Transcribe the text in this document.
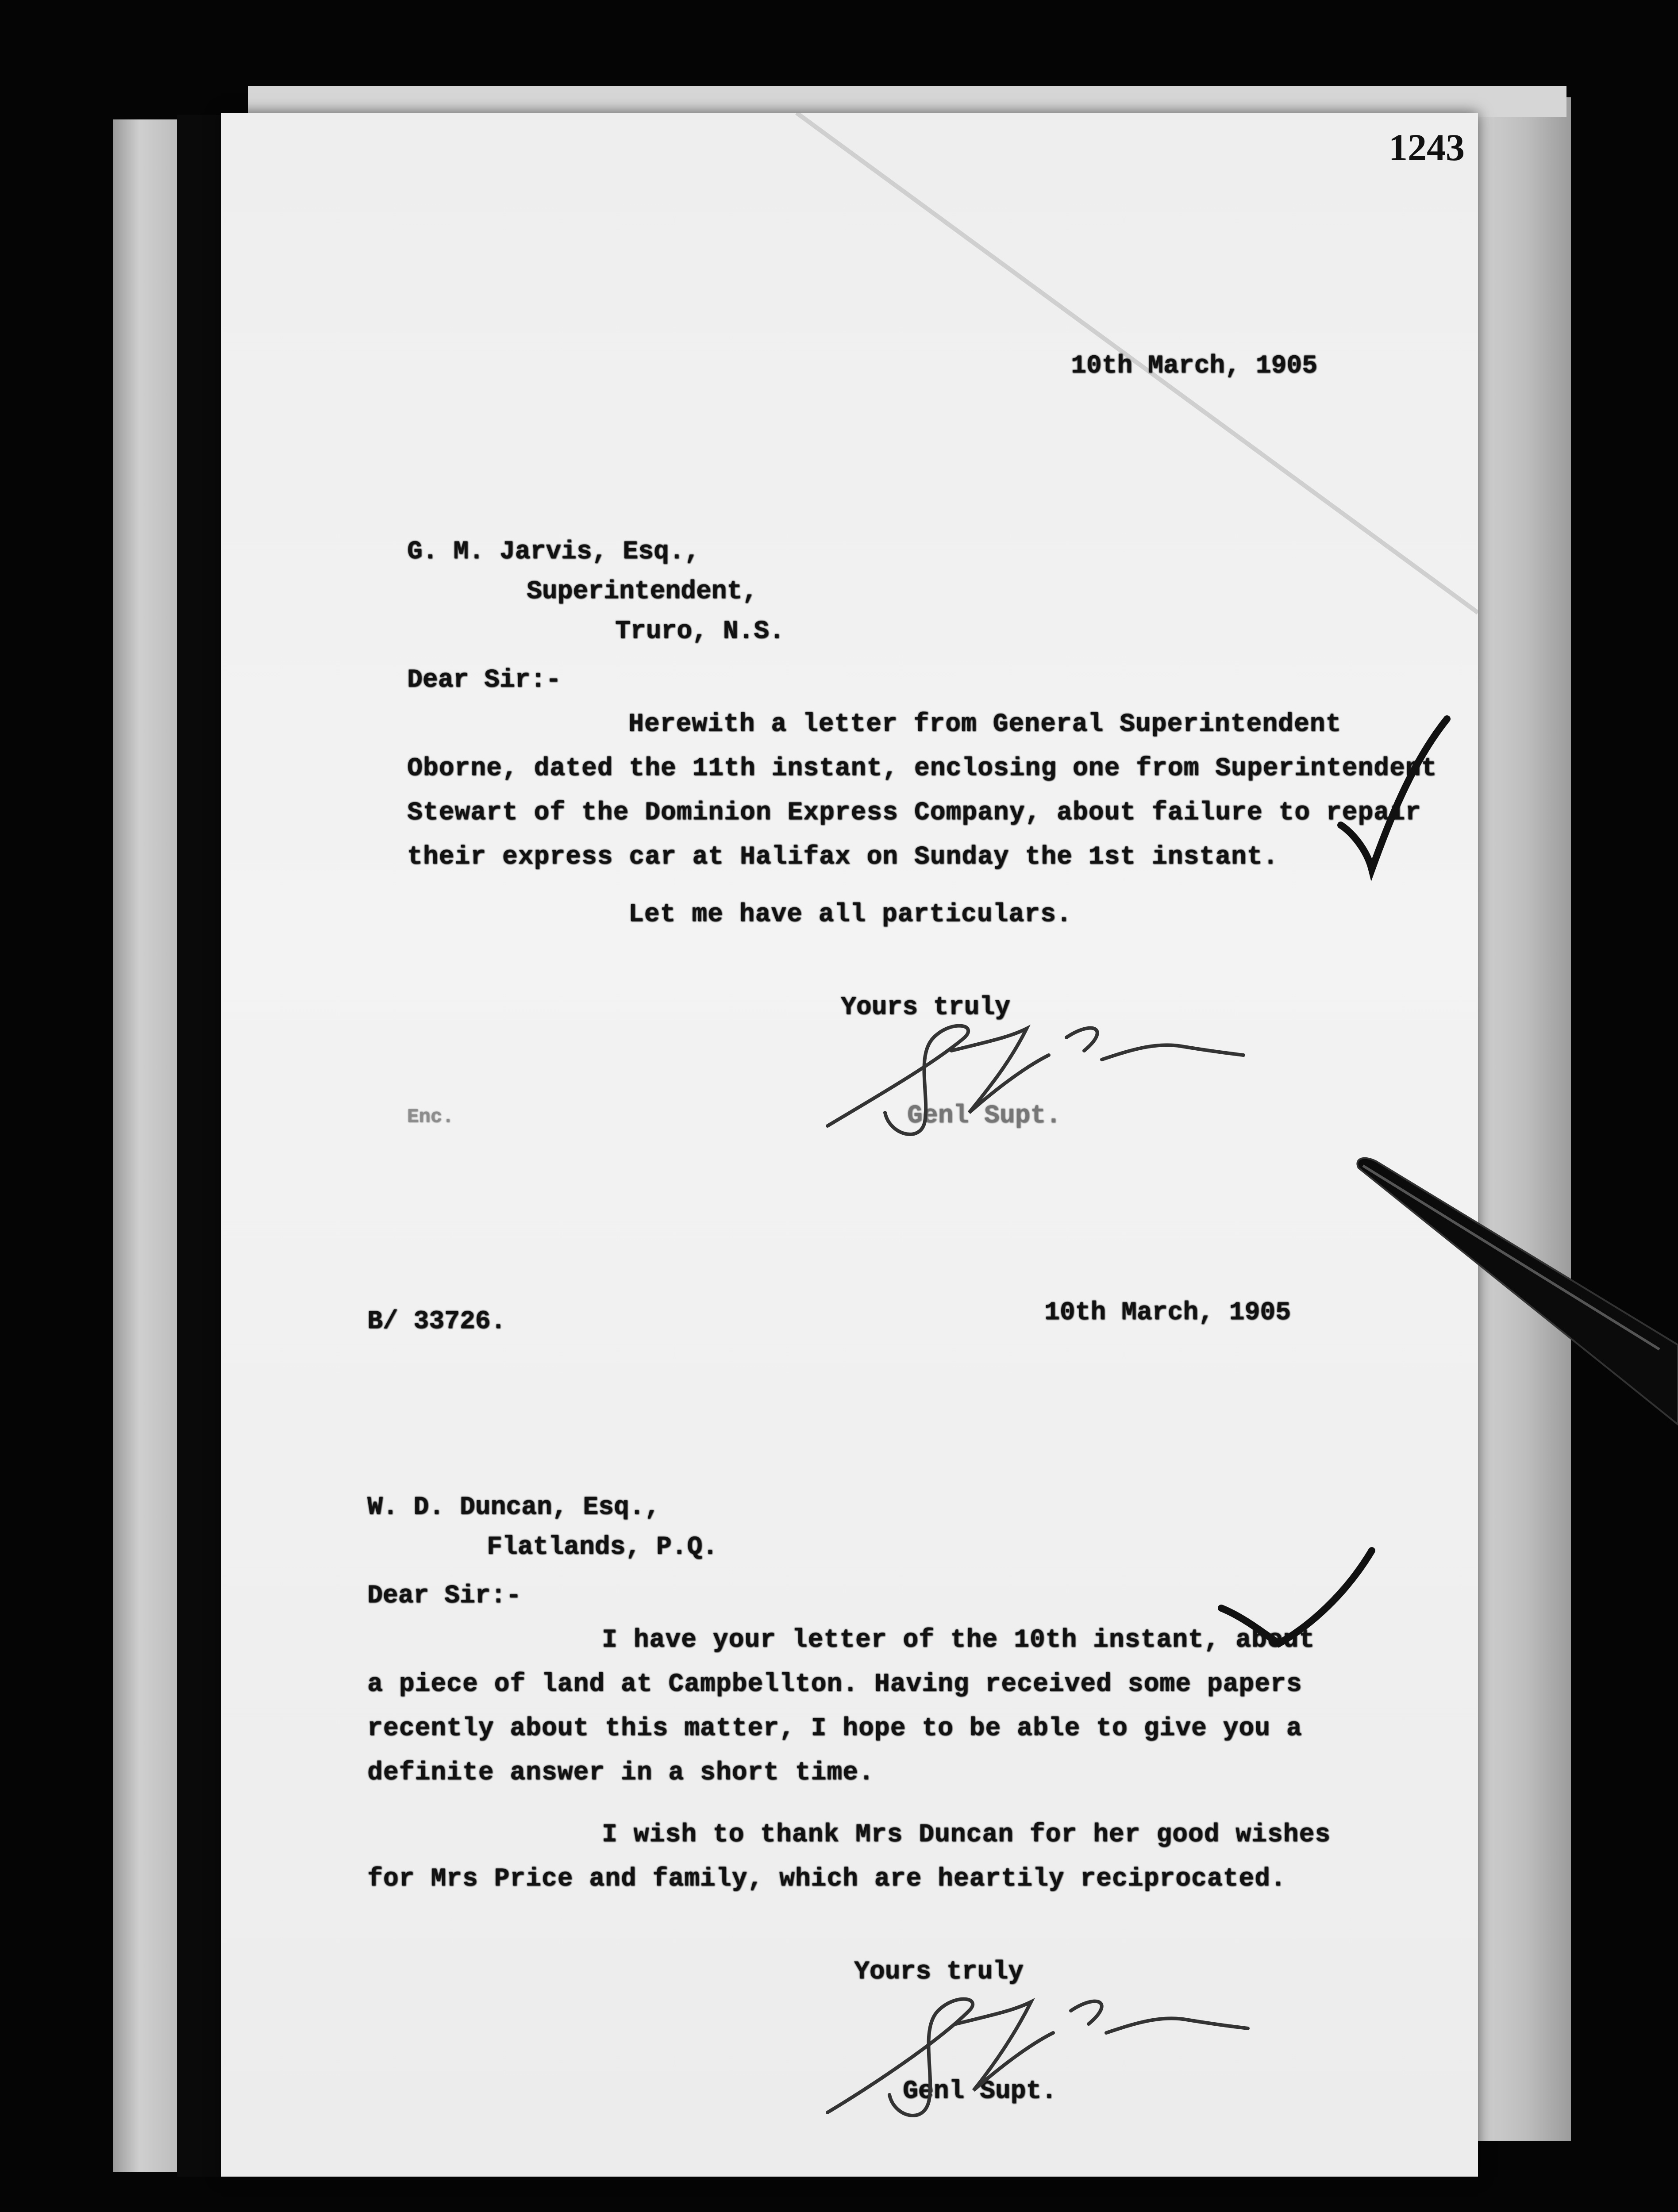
1243
10th March, 1905
G. M. Jarvis, Esq.,
Superintendent,
Truro, N.S.
Dear Sir:-
Herewith a letter from General Superintendent
Oborne, dated the 11th instant, enclosing one from Superintendent
Stewart of the Dominion Express Company, about failure to repair
their express car at Halifax on Sunday the 1st instant.
Let me have all particulars.
Yours truly
Genl Supt.
Enc.
B/ 33726.	10th March, 1905
W. D. Duncan, Esq.,
Flatlands, P.Q.
Dear Sir:-
I have your letter of the 10th instant, about
a piece of land at Campbellton. Having received some papers
recently about this matter, I hope to be able to give you a
definite answer in a short time.
I wish to thank Mrs Duncan for her good wishes
for Mrs Price and family, which are heartily reciprocated.
Yours truly
Genl Supt.
